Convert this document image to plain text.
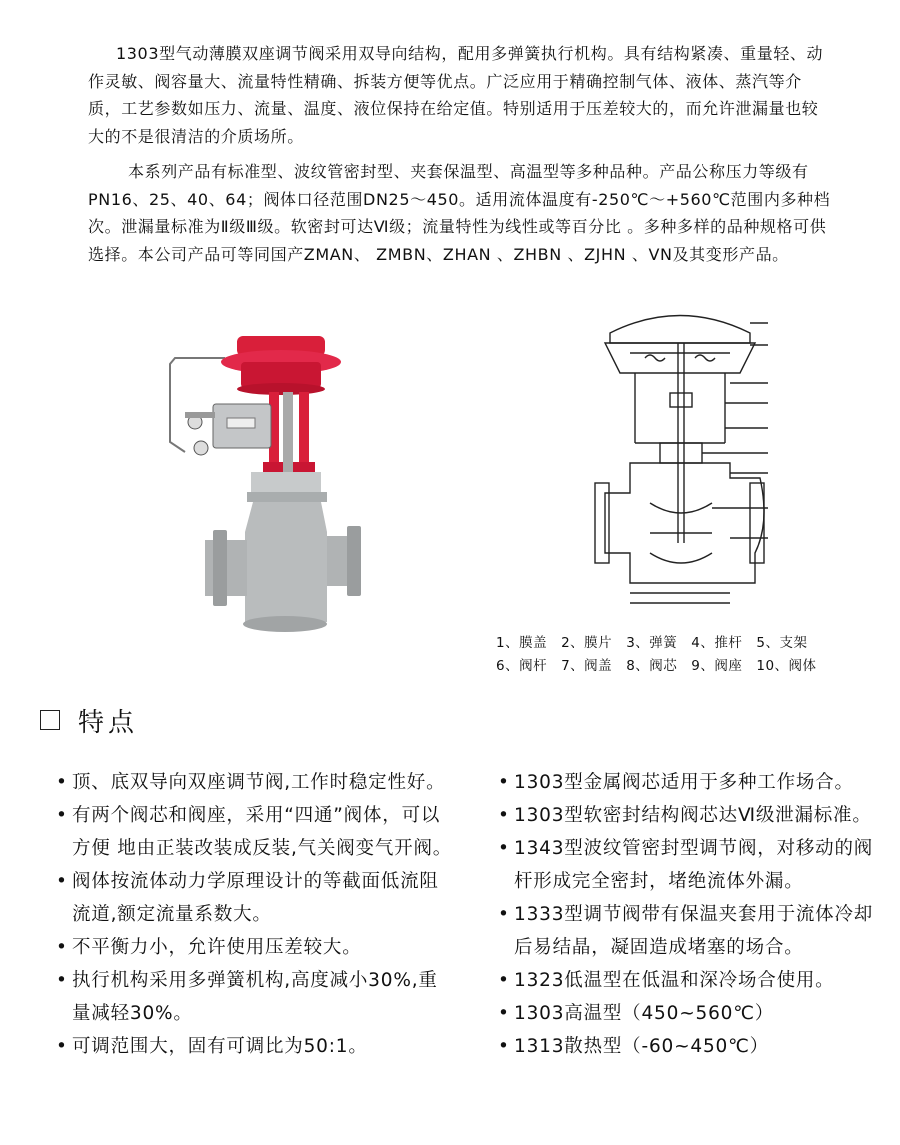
1303型气动薄膜双座调节阀采用双导向结构，配用多弹簧执行机构。具有结构紧凑、重量轻、动作灵敏、阀容量大、流量特性精确、拆装方便等优点。广泛应用于精确控制气体、液体、蒸汽等介质，工艺参数如压力、流量、温度、液位保持在给定值。特别适用于压差较大的，而允许泄漏量也较大的不是很清洁的介质场所。

本系列产品有标准型、波纹管密封型、夹套保温型、高温型等多种品种。产品公称压力等级有PN16、25、40、64；阀体口径范围DN25～450。适用流体温度有-250℃～+560℃范围内多种档次。泄漏量标准为Ⅱ级Ⅲ级。软密封可达Ⅵ级；流量特性为线性或等百分比 。多种多样的品种规格可供选择。本公司产品可等同国产ZMAN、 ZMBN、ZHAN 、ZHBN 、ZJHN 、VN及其变形产品。

1、膜盖 2、膜片 3、弹簧 4、推杆 5、支架
6、阀杆 7、阀盖 8、阀芯 9、阀座 10、阀体
特点
• 顶、底双导向双座调节阀,工作时稳定性好。
• 有两个阀芯和阀座，采用“四通”阀体，可以方便 地由正装改装成反装,气关阀变气开阀。
• 阀体按流体动力学原理设计的等截面低流阻流道,额定流量系数大。
• 不平衡力小，允许使用压差较大。
• 执行机构采用多弹簧机构,高度减小30%,重量减轻30%。
• 可调范围大，固有可调比为50:1。
• 1303型金属阀芯适用于多种工作场合。
• 1303型软密封结构阀芯达Ⅵ级泄漏标准。
• 1343型波纹管密封型调节阀，对移动的阀杆形成完全密封，堵绝流体外漏。
• 1333型调节阀带有保温夹套用于流体冷却后易结晶，凝固造成堵塞的场合。
• 1323低温型在低温和深冷场合使用。
• 1303高温型（450~560℃）
• 1313散热型（-60~450℃）
